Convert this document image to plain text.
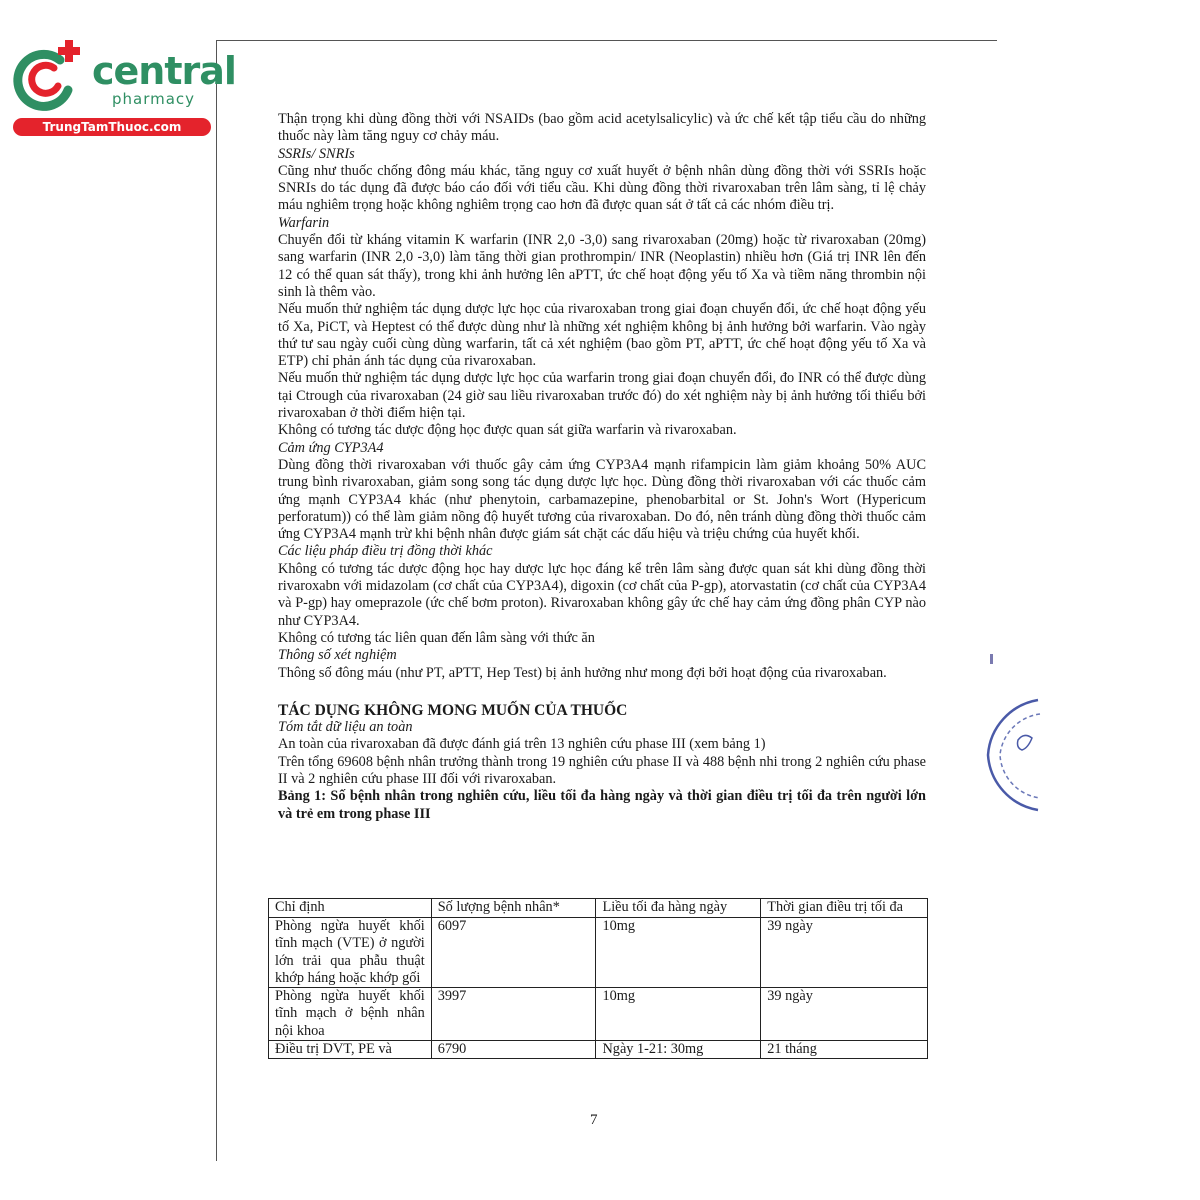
central
pharmacy
TrungTamThuoc.com	Thận trọng khi dùng đồng thời với NSAIDs (bao gồm acid acetylsalicylic) và ức chế kết tập tiểu cầu do những thuốc này làm tăng nguy cơ chảy máu.

SSRIs/ SNRIs

Cũng như thuốc chống đông máu khác, tăng nguy cơ xuất huyết ở bệnh nhân dùng đồng thời với SSRIs hoặc SNRIs do tác dụng đã được báo cáo đối với tiểu cầu. Khi dùng đồng thời rivaroxaban trên lâm sàng, tỉ lệ chảy máu nghiêm trọng hoặc không nghiêm trọng cao hơn đã được quan sát ở tất cả các nhóm điều trị.

Warfarin

Chuyển đổi từ kháng vitamin K warfarin (INR 2,0 -3,0) sang rivaroxaban (20mg) hoặc từ rivaroxaban (20mg) sang warfarin (INR 2,0 -3,0) làm tăng thời gian prothrompin/ INR (Neoplastin) nhiều hơn (Giá trị INR lên đến 12 có thể quan sát thấy), trong khi ảnh hưởng lên aPTT, ức chế hoạt động yếu tố Xa và tiềm năng thrombin nội sinh là thêm vào.

Nếu muốn thử nghiệm tác dụng dược lực học của rivaroxaban trong giai đoạn chuyển đổi, ức chế hoạt động yếu tố Xa, PiCT, và Heptest có thể được dùng như là những xét nghiệm không bị ảnh hưởng bởi warfarin. Vào ngày thứ tư sau ngày cuối cùng dùng warfarin, tất cả xét nghiệm (bao gồm PT, aPTT, ức chế hoạt động yếu tố Xa và ETP) chỉ phản ánh tác dụng của rivaroxaban.

Nếu muốn thử nghiệm tác dụng dược lực học của warfarin trong giai đoạn chuyển đổi, đo INR có thể được dùng tại Ctrough của rivaroxaban (24 giờ sau liều rivaroxaban trước đó) do xét nghiệm này bị ảnh hưởng tối thiểu bởi rivaroxaban ở thời điểm hiện tại.

Không có tương tác dược động học được quan sát giữa warfarin và rivaroxaban.

Cảm ứng CYP3A4

Dùng đồng thời rivaroxaban với thuốc gây cảm ứng CYP3A4 mạnh rifampicin làm giảm khoảng 50% AUC trung bình rivaroxaban, giảm song song tác dụng dược lực học. Dùng đồng thời rivaroxaban với các thuốc cảm ứng mạnh CYP3A4 khác (như phenytoin, carbamazepine, phenobarbital or St. John's Wort (Hypericum perforatum)) có thể làm giảm nồng độ huyết tương của rivaroxaban. Do đó, nên tránh dùng đồng thời thuốc cảm ứng CYP3A4 mạnh trừ khi bệnh nhân được giám sát chặt các dấu hiệu và triệu chứng của huyết khối.

Các liệu pháp điều trị đồng thời khác

Không có tương tác dược động học hay dược lực học đáng kể trên lâm sàng được quan sát khi dùng đồng thời rivaroxabn với midazolam (cơ chất của CYP3A4), digoxin (cơ chất của P-gp), atorvastatin (cơ chất của CYP3A4 và P-gp) hay omeprazole (ức chế bơm proton). Rivaroxaban không gây ức chế hay cảm ứng đồng phân CYP nào như CYP3A4.

Không có tương tác liên quan đến lâm sàng với thức ăn

Thông số xét nghiệm

Thông số đông máu (như PT, aPTT, Hep Test) bị ảnh hưởng như mong đợi bởi hoạt động của rivaroxaban.

TÁC DỤNG KHÔNG MONG MUỐN CỦA THUỐC

Tóm tắt dữ liệu an toàn

An toàn của rivaroxaban đã được đánh giá trên 13 nghiên cứu phase III (xem bảng 1)

Trên tổng 69608 bệnh nhân trưởng thành trong 19 nghiên cứu phase II và 488 bệnh nhi trong 2 nghiên cứu phase II và 2 nghiên cứu phase III đối với rivaroxaban.

Bảng 1: Số bệnh nhân trong nghiên cứu, liều tối đa hàng ngày và thời gian điều trị tối đa trên người lớn và trẻ em trong phase III

Chỉ định	Số lượng bệnh nhân*	Liều tối đa hàng ngày	Thời gian điều trị tối đa
Phòng ngừa huyết khối tĩnh mạch (VTE) ở người lớn trải qua phẫu thuật khớp háng hoặc khớp gối	6097	10mg	39 ngày
Phòng ngừa huyết khối tĩnh mạch ở bệnh nhân nội khoa	3997	10mg	39 ngày
Điều trị DVT, PE và	6790	Ngày 1-21: 30mg	21 tháng
7
